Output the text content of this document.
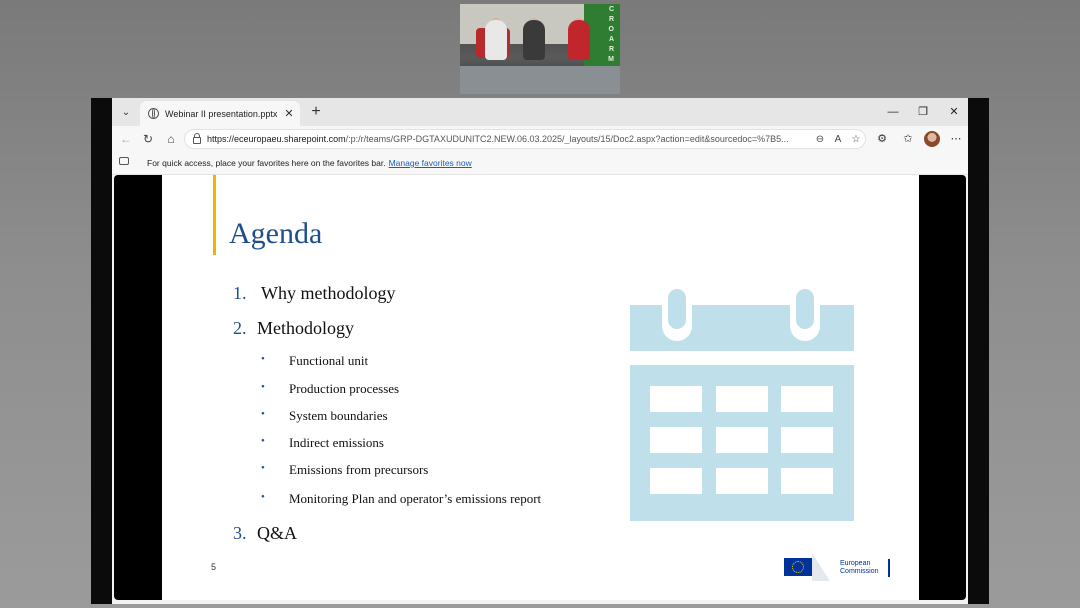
C
R
O
A
R
M
⌄	Webinar II presentation.pptx ✕	+	—	❐	✕
← ↻	⌂	https://eceuropaeu.sharepoint.com/:p:/r/teams/GRP-DGTAXUDUNITC2.NEW.06.03.2025/_layouts/15/Doc2.aspx?action=edit&sourcedoc=%7B5...	⊖	A	☆	⚙	✩	⋯
For quick access, place your favorites here on the favorites bar. Manage favorites now
Agenda
1. Why methodology
2. Methodology
• Functional unit
• Production processes
• System boundaries
• Indirect emissions
• Emissions from precursors
• Monitoring Plan and operator’s emissions report
3. Q&A
5	European
Commission
